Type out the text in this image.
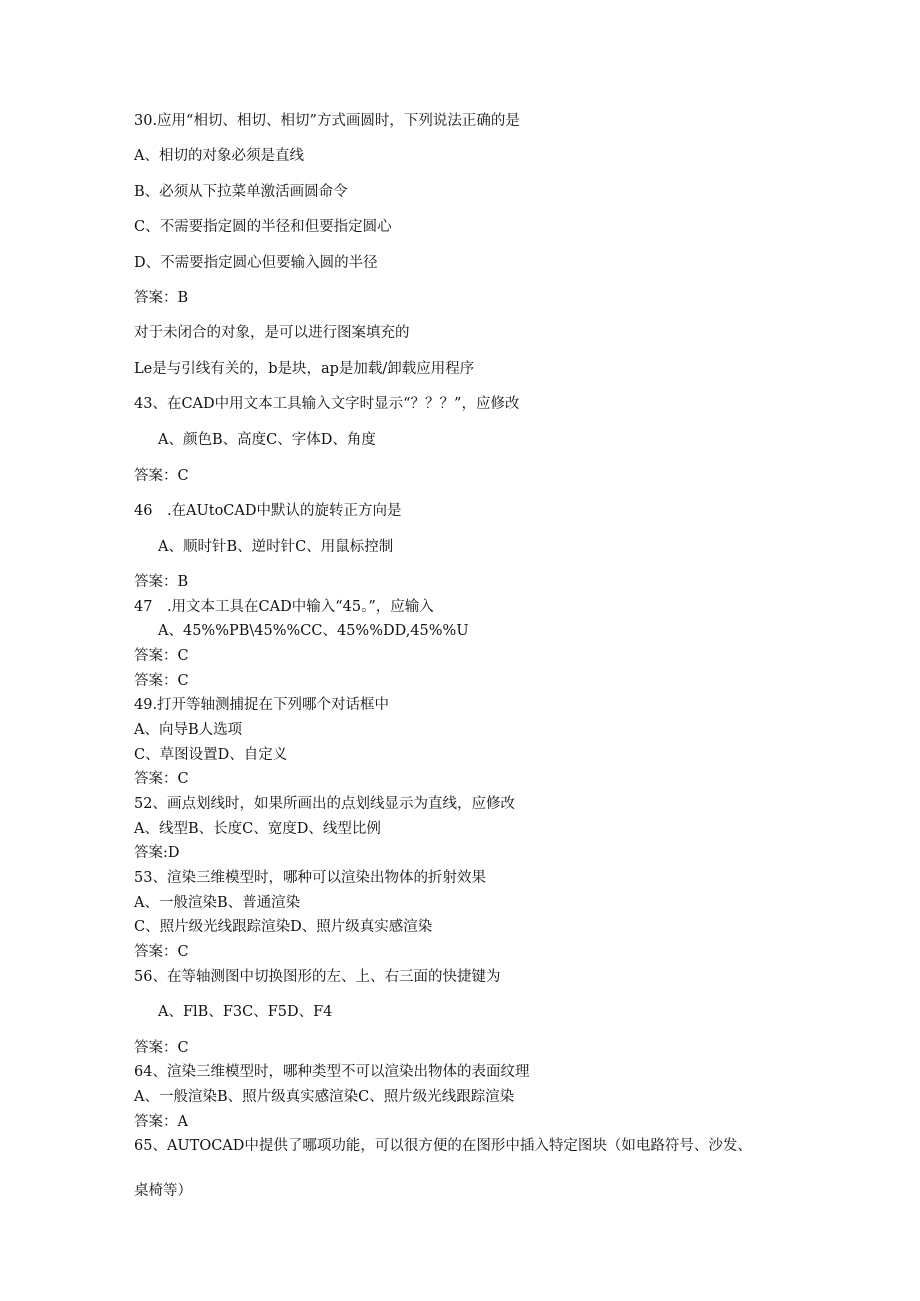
30.应用“相切、相切、相切”方式画圆时，下列说法正确的是
A、相切的对象必须是直线
B、必须从下拉菜单激活画圆命令
C、不需要指定圆的半径和但要指定圆心
D、不需要指定圆心但要输入圆的半径
答案：B
对于未闭合的对象，是可以进行图案填充的
Le是与引线有关的，b是块，ap是加载/卸载应用程序
43、在CAD中用文本工具输入文字时显示“？？？”，应修改
A、颜色B、高度C、字体D、角度
答案：C
46　.在AUtoCAD中默认的旋转正方向是
A、顺时针B、逆时针C、用鼠标控制
答案：B
47　.用文本工具在CAD中输入“45。”，应输入
A、45%%PB\45%%CC、45%%DD,45%%U
答案：C
答案：C
49.打开等轴测捕捉在下列哪个对话框中
A、向导B人选项
C、草图设置D、自定义
答案：C
52、画点划线时，如果所画出的点划线显示为直线，应修改
A、线型B、长度C、宽度D、线型比例
答案:D
53、渲染三维模型时，哪种可以渲染出物体的折射效果
A、一般渲染B、普通渲染
C、照片级光线跟踪渲染D、照片级真实感渲染
答案：C
56、在等轴测图中切换图形的左、上、右三面的快捷键为
A、FlB、F3C、F5D、F4
答案：C
64、渲染三维模型时，哪种类型不可以渲染出物体的表面纹理
A、一般渲染B、照片级真实感渲染C、照片级光线跟踪渲染
答案：A
65、AUTOCAD中提供了哪项功能，可以很方便的在图形中插入特定图块（如电路符号、沙发、
桌椅等）
